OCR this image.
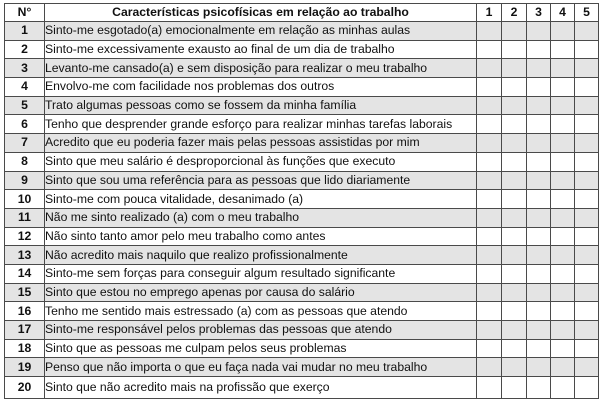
N°	Características psicofísicas em relação ao trabalho	1	2	3	4	5
1	Sinto-me esgotado(a) emocionalmente em relação as minhas aulas					
2	Sinto-me excessivamente exausto ao final de um dia de trabalho					
3	Levanto-me cansado(a) e sem disposição para realizar o meu trabalho					
4	Envolvo-me com facilidade nos problemas dos outros					
5	Trato algumas pessoas como se fossem da minha família					
6	Tenho que desprender grande esforço para realizar minhas tarefas laborais					
7	Acredito que eu poderia fazer mais pelas pessoas assistidas por mim					
8	Sinto que meu salário é desproporcional às funções que executo					
9	Sinto que sou uma referência para as pessoas que lido diariamente					
10	Sinto-me com pouca vitalidade, desanimado (a)					
11	Não me sinto realizado (a) com o meu trabalho					
12	Não sinto tanto amor pelo meu trabalho como antes					
13	Não acredito mais naquilo que realizo profissionalmente					
14	Sinto-me sem forças para conseguir algum resultado significante					
15	Sinto que estou no emprego apenas por causa do salário					
16	Tenho me sentido mais estressado (a) com as pessoas que atendo					
17	Sinto-me responsável pelos problemas das pessoas que atendo					
18	Sinto que as pessoas me culpam pelos seus problemas					
19	Penso que não importa o que eu faça nada vai mudar no meu trabalho					
20	Sinto que não acredito mais na profissão que exerço					
